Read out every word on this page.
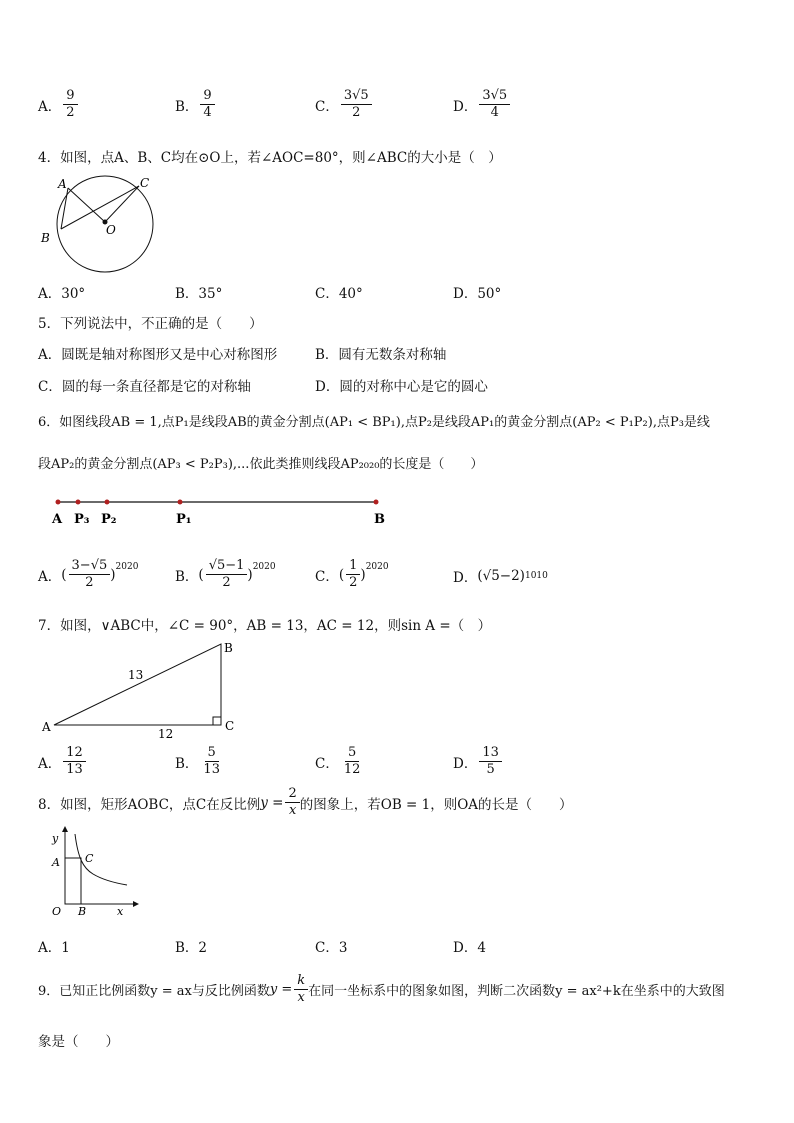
A． $\frac{9}{2}$	B． $\frac{9}{4}$	C． $\frac{3√5}{2}$	D． $\frac{3√5}{4}$
4．如图，点A、B、C均在⊙O上，若∠AOC=80°，则∠ABC的大小是（　）
A	C
B
O
A．30°	B．35°	C．40°	D．50°
5．下列说法中，不正确的是（　　）
A．圆既是轴对称图形又是中心对称图形	B．圆有无数条对称轴
C．圆的每一条直径都是它的对称轴	D．圆的对称中心是它的圆心
6．如图线段AB = 1,点P₁是线段AB的黄金分割点(AP₁ < BP₁),点P₂是线段AP₁的黄金分割点(AP₂ < P₁P₂),点P₃是线
段AP₂的黄金分割点(AP₃ < P₂P₃),...依此类推则线段AP₂₀₂₀的长度是（　　）
A P₃ P₂	P₁	B
A． ( $\frac{3-√5}{2}$ ) 2020
B． ( $\frac{√5-1}{2}$ ) 2020
C． ( $\frac{1}{2}$ ) 2020
D． (√5−2) 1010
7．如图，∨ABC中，∠C = 90°，AB = 13，AC = 12，则sin A =（　）
A
B
C
13
12
A． $\frac{12}{13}$	B． $\frac{5}{13}$	C． $\frac{5}{12}$	D． $\frac{13}{5}$
8．如图，矩形AOBC，点C在反比例 $y = \frac{2}{x}$ 的图象上，若OB = 1，则OA的长是（　　）
y
A C
O B	x
A．1	B．2	C．3	D．4
9．已知正比例函数y = ax与反比例函数 $y = \frac{k}{x}$ 在同一坐标系中的图象如图，判断二次函数y = ax²+k在坐系中的大致图
象是（　　）
